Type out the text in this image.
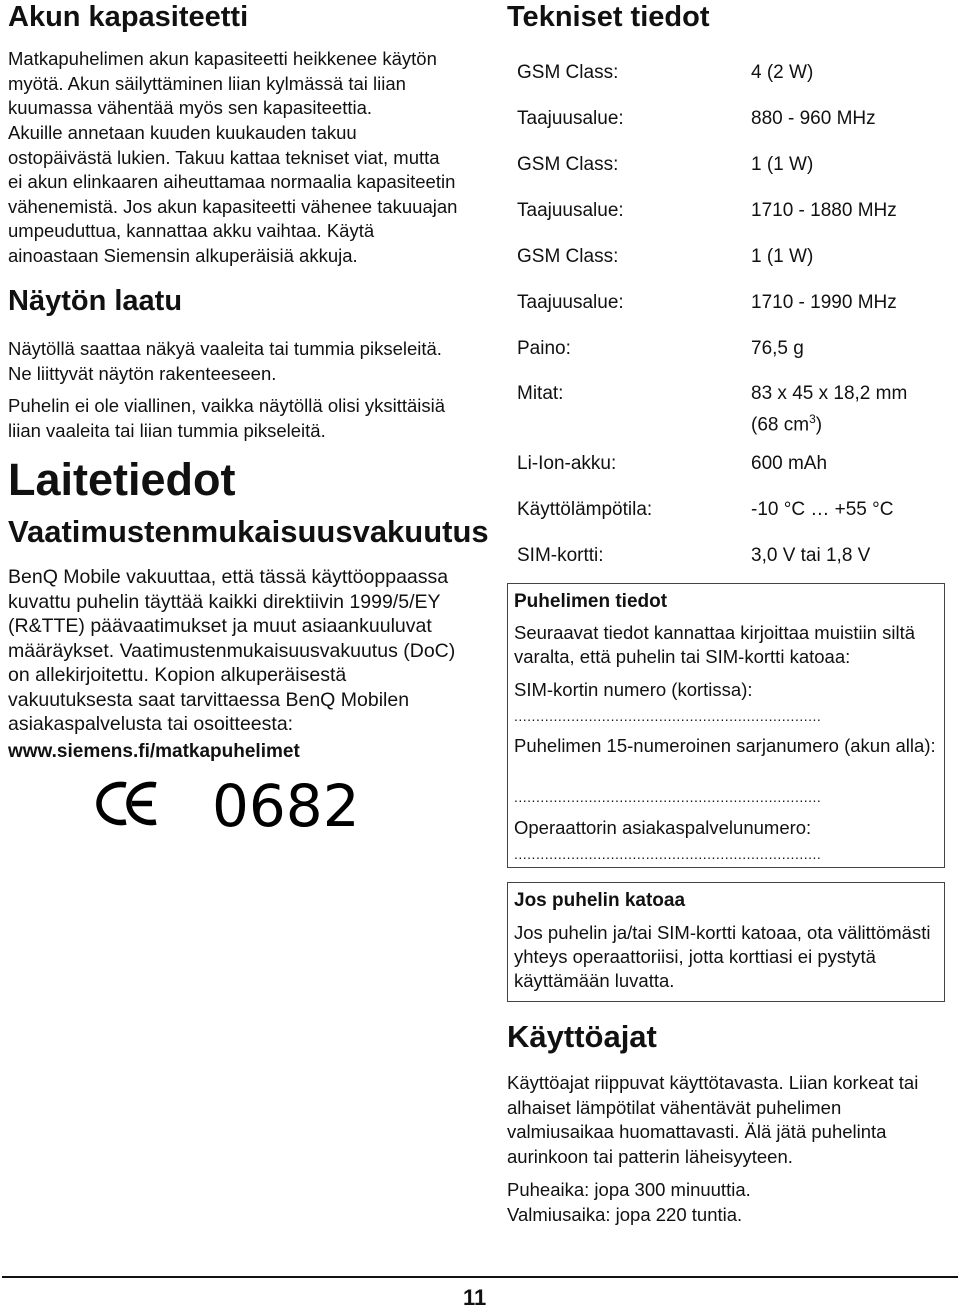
Akun kapasiteetti

Matkapuhelimen akun kapasiteetti heikkenee käytön myötä. Akun säilyttäminen liian kylmässä tai liian kuumassa vähentää myös sen kapasiteettia.

Akuille annetaan kuuden kuukauden takuu ostopäivästä lukien. Takuu kattaa tekniset viat, mutta ei akun elinkaaren aiheuttamaa normaalia kapasiteetin vähenemistä. Jos akun kapasiteetti vähenee takuuajan umpeuduttua, kannattaa akku vaihtaa. Käytä ainoastaan Siemensin alkuperäisiä akkuja.

Näytön laatu

Näytöllä saattaa näkyä vaaleita tai tummia pikseleitä. Ne liittyvät näytön rakenteeseen.

Puhelin ei ole viallinen, vaikka näytöllä olisi yksittäisiä liian vaaleita tai liian tummia pikseleitä.

Laitetiedot
Vaatimustenmukaisuusvakuutus

BenQ Mobile vakuuttaa, että tässä käyttöoppaassa kuvattu puhelin täyttää kaikki direktiivin 1999/5/EY (R&TTE) päävaatimukset ja muut asiaankuuluvat määräykset. Vaatimustenmukaisuusvakuutus (DoC) on allekirjoitettu. Kopion alkuperäisestä vakuutuksesta saat tarvittaessa BenQ Mobilen asiakaspalvelusta tai osoitteesta:

www.siemens.fi/matkapuhelimet

0682
Tekniset tiedot
GSM Class:	4 (2 W)
Taajuusalue:	880 - 960 MHz
GSM Class:	1 (1 W)
Taajuusalue:	1710 - 1880 MHz
GSM Class:	1 (1 W)
Taajuusalue:	1710 - 1990 MHz
Paino:	76,5 g
Mitat:	83 x 45 x 18,2 mm
(68 $cm^3$)
Li-Ion-akku:	600 mAh
Käyttölämpötila:	-10 °C … +55 °C
SIM-kortti:	3,0 V tai 1,8 V

Puhelimen tiedot

Seuraavat tiedot kannattaa kirjoittaa muistiin siltä varalta, että puhelin tai SIM-kortti katoaa:

SIM-kortin numero (kortissa):

......................................................................

Puhelimen 15-numeroinen sarjanumero (akun alla):

......................................................................

Operaattorin asiakaspalvelunumero:

......................................................................

Jos puhelin katoaa

Jos puhelin ja/tai SIM-kortti katoaa, ota välittömästi yhteys operaattoriisi, jotta korttiasi ei pystytä käyttämään luvatta.

Käyttöajat

Käyttöajat riippuvat käyttötavasta. Liian korkeat tai alhaiset lämpötilat vähentävät puhelimen valmiusaikaa huomattavasti. Älä jätä puhelinta aurinkoon tai patterin läheisyyteen.

Puheaika: jopa 300 minuuttia.

Valmiusaika: jopa 220 tuntia.

11
